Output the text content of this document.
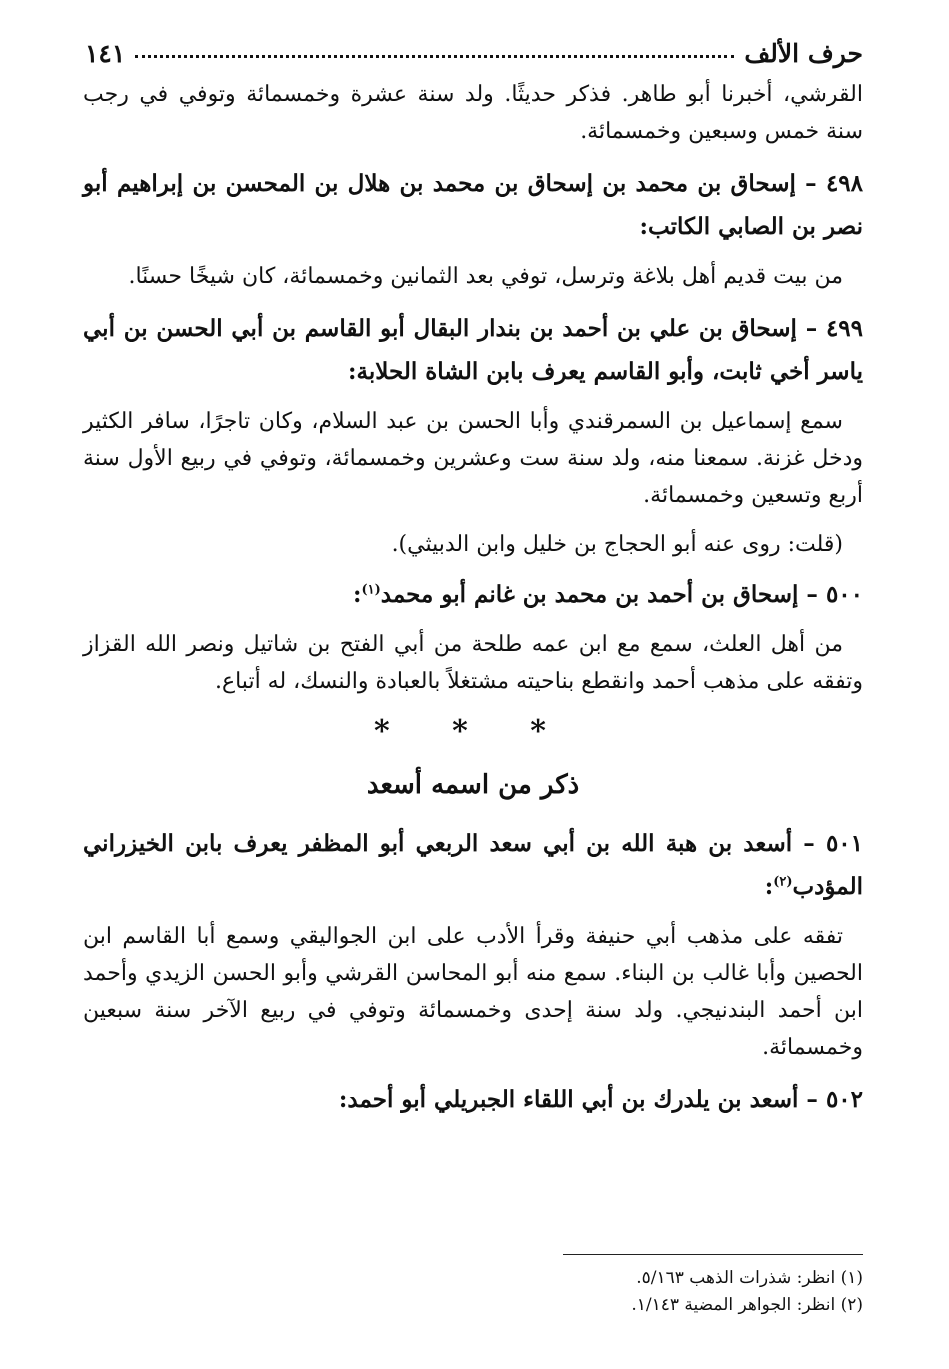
حرف الألف
١٤١

القرشي، أخبرنا أبو طاهر. فذكر حديثًا. ولد سنة عشرة وخمسمائة وتوفي في رجب سنة خمس وسبعين وخمسمائة.

٤٩٨ – إسحاق بن محمد بن إسحاق بن محمد بن هلال بن المحسن بن إبراهيم أبو نصر بن الصابي الكاتب:

من بيت قديم أهل بلاغة وترسل، توفي بعد الثمانين وخمسمائة، كان شيخًا حسنًا.

٤٩٩ – إسحاق بن علي بن أحمد بن بندار البقال أبو القاسم بن أبي الحسن بن أبي ياسر أخي ثابت، وأبو القاسم يعرف بابن الشاة الحلابة:

سمع إسماعيل بن السمرقندي وأبا الحسن بن عبد السلام، وكان تاجرًا، سافر الكثير ودخل غزنة. سمعنا منه، ولد سنة ست وعشرين وخمسمائة، وتوفي في ربيع الأول سنة أربع وتسعين وخمسمائة.

(قلت: روى عنه أبو الحجاج بن خليل وابن الدبيثي).

٥٠٠ – إسحاق بن أحمد بن محمد بن غانم أبو محمد$^{(١)}$:

من أهل العلث، سمع مع ابن عمه طلحة من أبي الفتح بن شاتيل ونصر الله القزاز وتفقه على مذهب أحمد وانقطع بناحيته مشتغلاً بالعبادة والنسك، له أتباع.

* * *

ذكر من اسمه أسعد

٥٠١ – أسعد بن هبة الله بن أبي سعد الربعي أبو المظفر يعرف بابن الخيزراني المؤدب$^{(٢)}$:

تفقه على مذهب أبي حنيفة وقرأ الأدب على ابن الجواليقي وسمع أبا القاسم ابن الحصين وأبا غالب بن البناء. سمع منه أبو المحاسن القرشي وأبو الحسن الزيدي وأحمد ابن أحمد البندنيجي. ولد سنة إحدى وخمسمائة وتوفي في ربيع الآخر سنة سبعين وخمسمائة.

٥٠٢ – أسعد بن يلدرك بن أبي اللقاء الجبريلي أبو أحمد:

(١) انظر: شذرات الذهب ٥/١٦٣.
(٢) انظر: الجواهر المضية ١/١٤٣.
